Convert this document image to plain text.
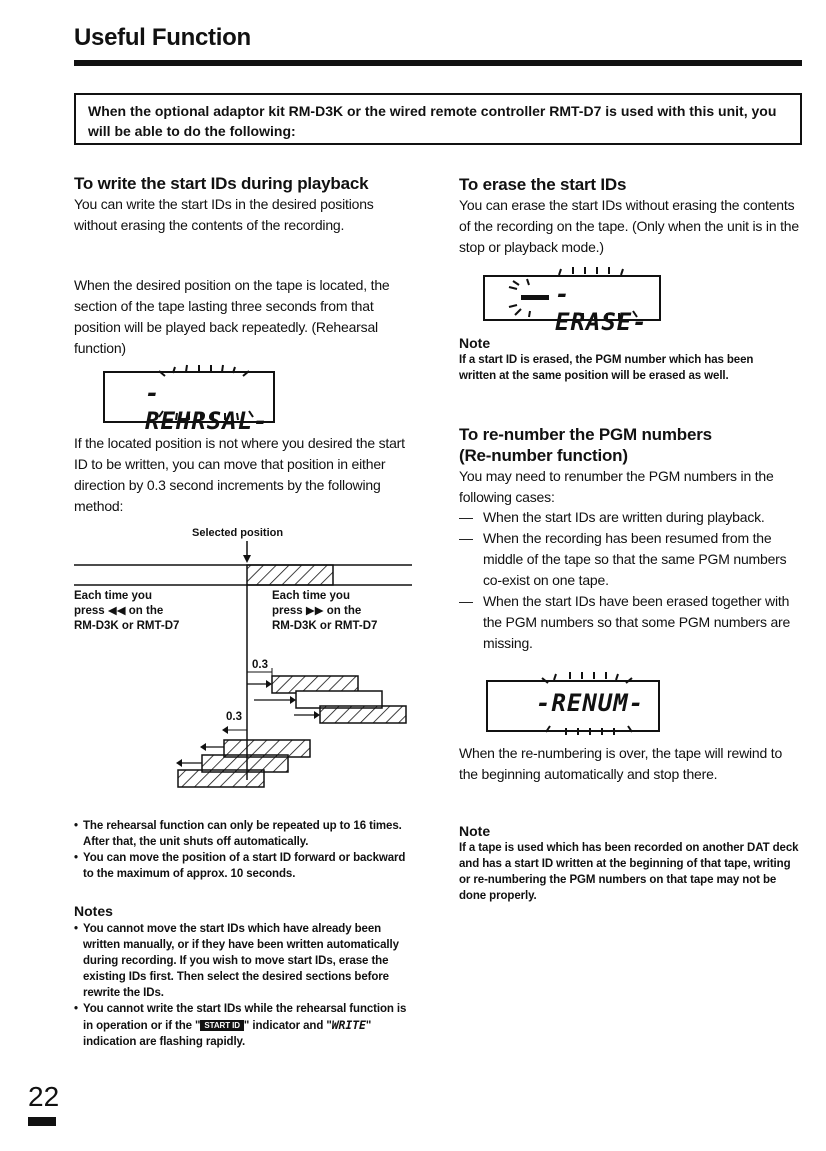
Useful Function
When the optional adaptor kit RM-D3K or the wired remote controller RMT-D7 is used with this unit, you will be able to do the following:
To write the start IDs during playback
You can write the start IDs in the desired positions without erasing the contents of the recording.
When the desired position on the tape is located, the section of the tape lasting three seconds from that position will be played back repeatedly. (Rehearsal function)
-REHRSAL-
If the located position is not where you desired the start ID to be written, you can move that position in either direction by 0.3 second increments by the following method:
Selected position
Each time you
press ◀◀ on the
RM-D3K or RMT-D7
Each time you
press ▶▶ on the
RM-D3K or RMT-D7
0.3
0.3
• The rehearsal function can only be repeated up to 16 times. After that, the unit shuts off automatically.
• You can move the position of a start ID forward or backward to the maximum of approx. 10 seconds.
Notes
• You cannot move the start IDs which have already been written manually, or if they have been written automatically during recording. If you wish to move start IDs, erase the existing IDs first. Then select the desired sections before rewrite the IDs.
• You cannot write the start IDs while the rehearsal function is in operation or if the " START ID " indicator and "WRITE" indication are flashing rapidly.
To erase the start IDs
You can erase the start IDs without erasing the contents of the recording on the tape. (Only when the unit is in the stop or playback mode.)
-ERASE-
Note
If a start ID is erased, the PGM number which has been written at the same position will be erased as well.
To re-number the PGM numbers
(Re-number function)
You may need to renumber the PGM numbers in the following cases:
— When the start IDs are written during playback.
— When the recording has been resumed from the middle of the tape so that the same PGM numbers co-exist on one tape.
— When the start IDs have been erased together with the PGM numbers so that some PGM numbers are missing.
-RENUM-
When the re-numbering is over, the tape will rewind to the beginning automatically and stop there.
Note
If a tape is used which has been recorded on another DAT deck and has a start ID written at the beginning of that tape, writing or re-numbering the PGM numbers on that tape may not be done properly.
22
